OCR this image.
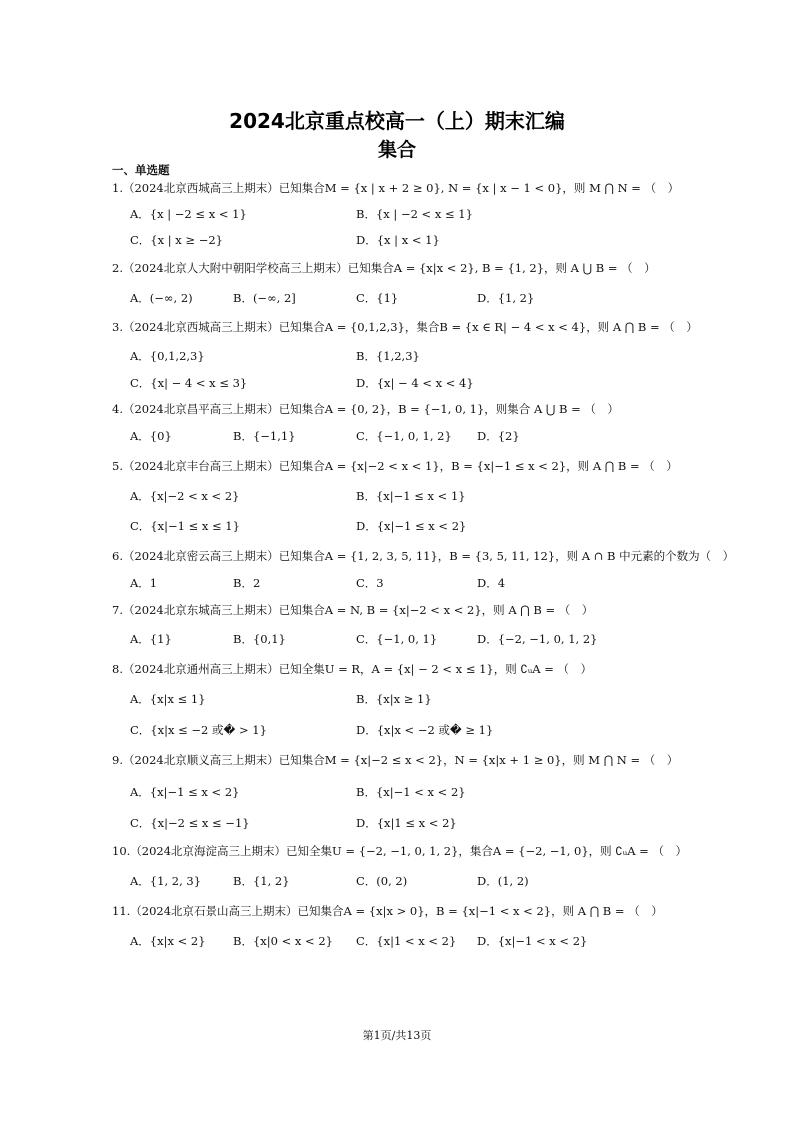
2024北京重点校高一（上）期末汇编
集合
一、单选题
1.（2024北京西城高三上期末）已知集合M = {x | x + 2 ≥ 0}, N = {x | x − 1 < 0}，则 M ⋂ N = （　）
A．{x | −2 ≤ x < 1}	B．{x | −2 < x ≤ 1}
C．{x | x ≥ −2}	D．{x | x < 1}
2.（2024北京人大附中朝阳学校高三上期末）已知集合A = {x|x < 2}, B = {1, 2}，则 A ⋃ B = （　）
A．(−∞, 2)	B．(−∞, 2]	C．{1}	D．{1, 2}
3.（2024北京西城高三上期末）已知集合A = {0,1,2,3}，集合B = {x ∈ R| − 4 < x < 4}，则 A ⋂ B = （　）
A．{0,1,2,3}	B．{1,2,3}
C．{x| − 4 < x ≤ 3}	D．{x| − 4 < x < 4}
4.（2024北京昌平高三上期末）已知集合A = {0, 2}，B = {−1, 0, 1}，则集合 A ⋃ B = （　）
A．{0}	B．{−1,1}	C．{−1, 0, 1, 2} D．{2}
5.（2024北京丰台高三上期末）已知集合A = {x|−2 < x < 1}，B = {x|−1 ≤ x < 2}，则 A ⋂ B = （　）
A．{x|−2 < x < 2}	B．{x|−1 ≤ x < 1}
C．{x|−1 ≤ x ≤ 1}	D．{x|−1 ≤ x < 2}
6.（2024北京密云高三上期末）已知集合A = {1, 2, 3, 5, 11}，B = {3, 5, 11, 12}，则 A ∩ B 中元素的个数为（　）
A．1	B．2	C．3	D．4
7.（2024北京东城高三上期末）已知集合A = N, B = {x|−2 < x < 2}，则 A ⋂ B = （　）
A．{1}	B．{0,1}	C．{−1, 0, 1}	D．{−2, −1, 0, 1, 2}
8.（2024北京通州高三上期末）已知全集U = R，A = {x| − 2 < x ≤ 1}，则 ∁ᵤA = （　）
A．{x|x ≤ 1}	B．{x|x ≥ 1}
C．{x|x ≤ −2 或� > 1}	D．{x|x < −2 或� ≥ 1}
9.（2024北京顺义高三上期末）已知集合M = {x|−2 ≤ x < 2}，N = {x|x + 1 ≥ 0}，则 M ⋂ N = （　）
A．{x|−1 ≤ x < 2}	B．{x|−1 < x < 2}
C．{x|−2 ≤ x ≤ −1}	D．{x|1 ≤ x < 2}
10.（2024北京海淀高三上期末）已知全集U = {−2, −1, 0, 1, 2}，集合A = {−2, −1, 0}，则 ∁ᵤA = （　）
A．{1, 2, 3}	B．{1, 2}	C．(0, 2)	D．(1, 2)
11.（2024北京石景山高三上期末）已知集合A = {x|x > 0}，B = {x|−1 < x < 2}，则 A ⋂ B = （　）
A．{x|x < 2} B．{x|0 < x < 2} C．{x|1 < x < 2} D．{x|−1 < x < 2}
第1页/共13页
